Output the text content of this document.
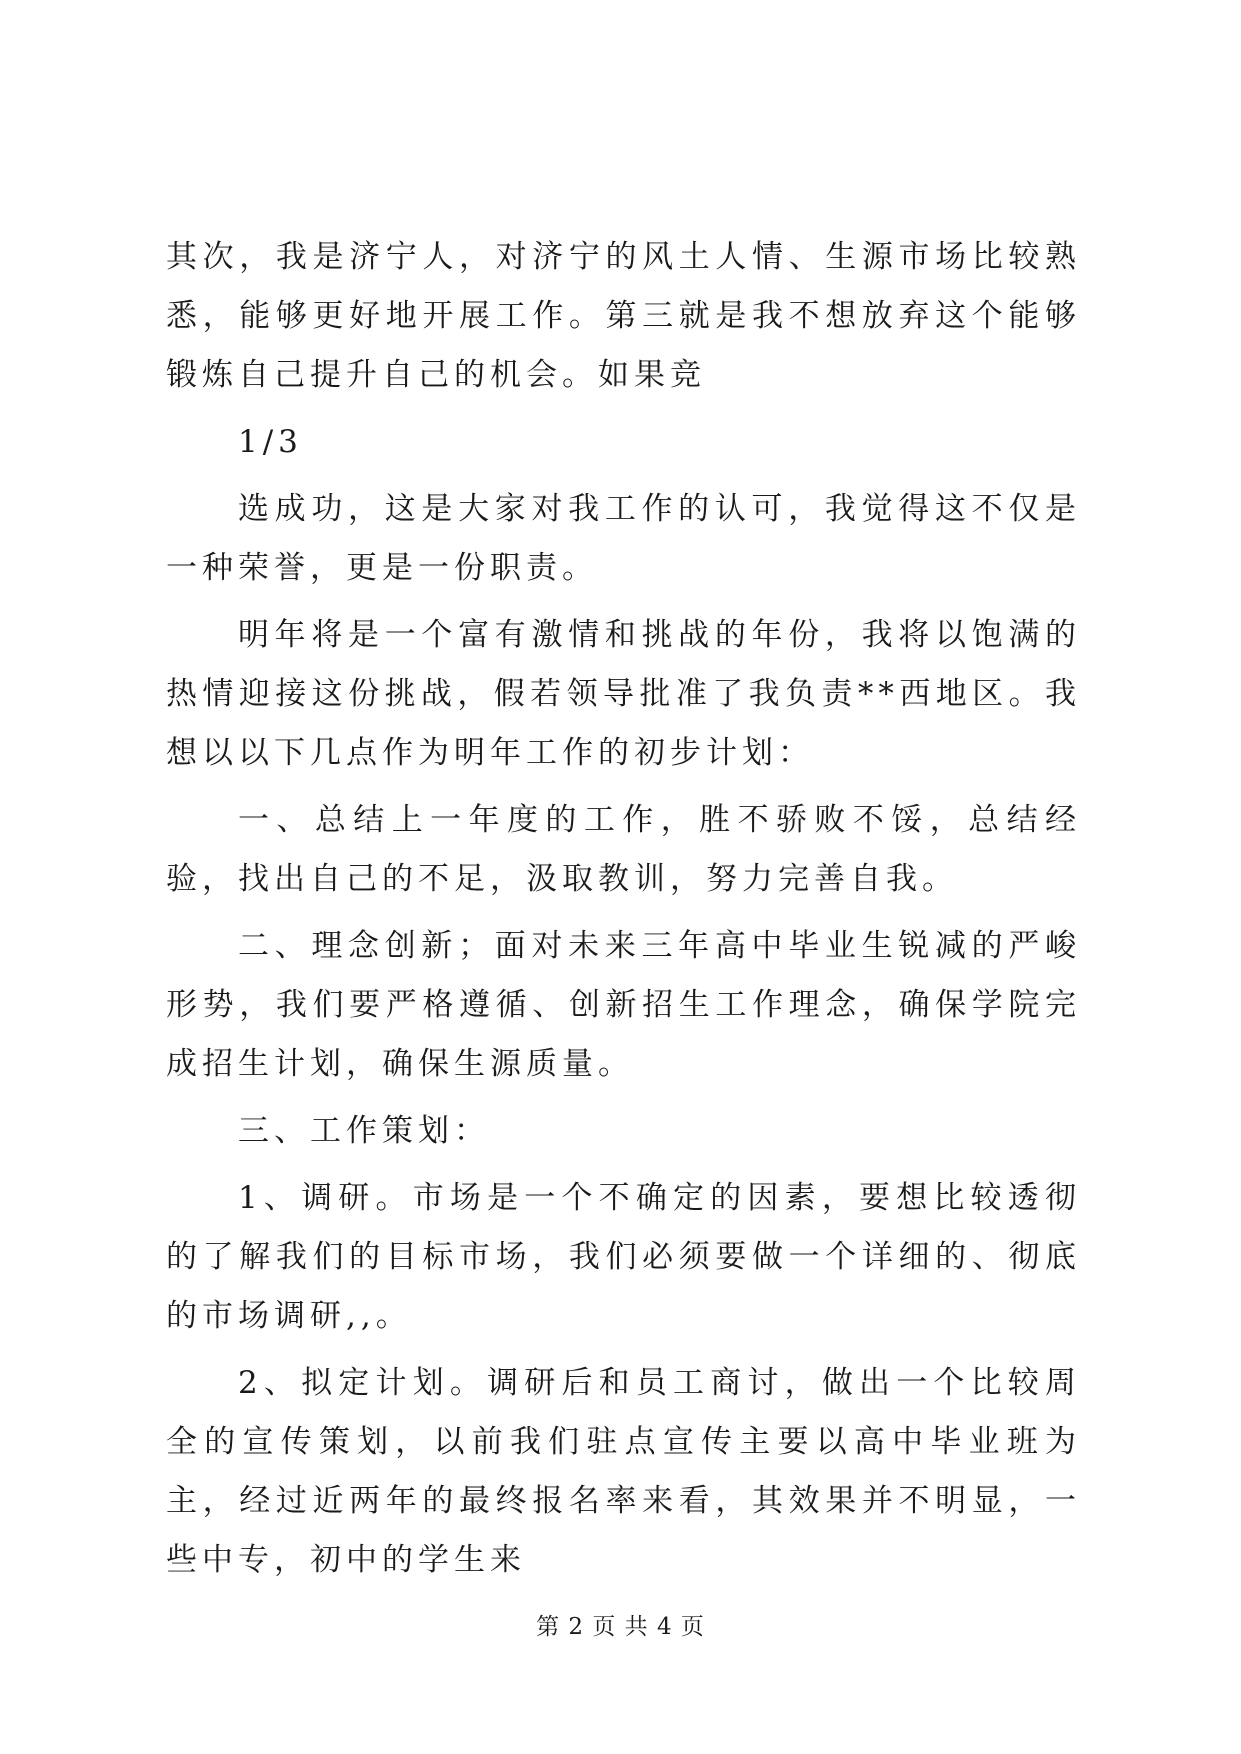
其次，我是济宁人，对济宁的风土人情、生源市场比较熟悉，能够更好地开展工作。第三就是我不想放弃这个能够锻炼自己提升自己的机会。如果竞

1/3

选成功，这是大家对我工作的认可，我觉得这不仅是一种荣誉，更是一份职责。

明年将是一个富有激情和挑战的年份，我将以饱满的热情迎接这份挑战，假若领导批准了我负责**西地区。我想以以下几点作为明年工作的初步计划：

一、总结上一年度的工作，胜不骄败不馁，总结经验，找出自己的不足，汲取教训，努力完善自我。

二、理念创新；面对未来三年高中毕业生锐减的严峻形势，我们要严格遵循、创新招生工作理念，确保学院完成招生计划，确保生源质量。

三、工作策划：

1、调研。市场是一个不确定的因素，要想比较透彻的了解我们的目标市场，我们必须要做一个详细的、彻底的市场调研,,。

2、拟定计划。调研后和员工商讨，做出一个比较周全的宣传策划，以前我们驻点宣传主要以高中毕业班为主，经过近两年的最终报名率来看，其效果并不明显，一些中专，初中的学生来

第 2 页 共 4 页
